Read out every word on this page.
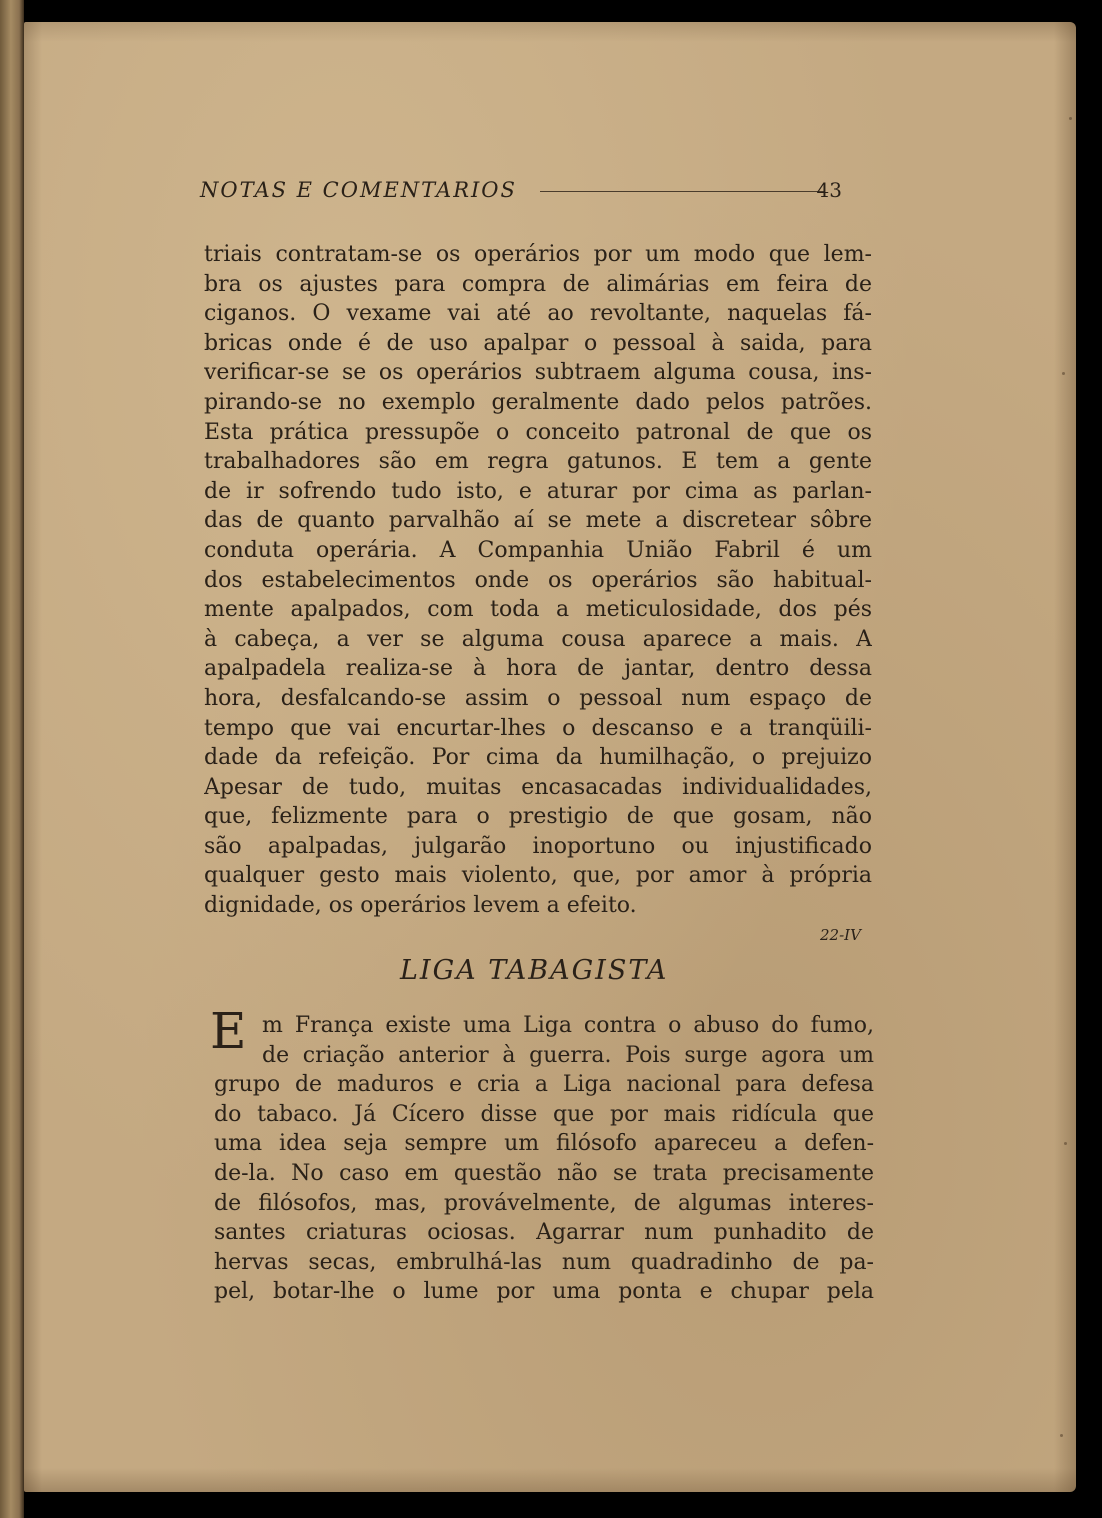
NOTAS E COMENTARIOS	43
triais contratam-se os operários por um modo que lem-
bra os ajustes para compra de alimárias em feira de
ciganos. O vexame vai até ao revoltante, naquelas fá-
bricas onde é de uso apalpar o pessoal à saida, para
verificar-se se os operários subtraem alguma cousa, ins-
pirando-se no exemplo geralmente dado pelos patrões.
Esta prática pressupõe o conceito patronal de que os
trabalhadores são em regra gatunos. E tem a gente
de ir sofrendo tudo isto, e aturar por cima as parlan-
das de quanto parvalhão aí se mete a discretear sôbre
conduta operária. A Companhia União Fabril é um
dos estabelecimentos onde os operários são habitual-
mente apalpados, com toda a meticulosidade, dos pés
à cabeça, a ver se alguma cousa aparece a mais. A
apalpadela realiza-se à hora de jantar, dentro dessa
hora, desfalcando-se assim o pessoal num espaço de
tempo que vai encurtar-lhes o descanso e a tranqüili-
dade da refeição. Por cima da humilhação, o prejuizo
Apesar de tudo, muitas encasacadas individualidades,
que, felizmente para o prestigio de que gosam, não
são apalpadas, julgarão inoportuno ou injustificado
qualquer gesto mais violento, que, por amor à própria
dignidade, os operários levem a efeito.
22-IV
LIGA TABAGISTA
E m França existe uma Liga contra o abuso do fumo,
de criação anterior à guerra. Pois surge agora um
grupo de maduros e cria a Liga nacional para defesa
do tabaco. Já Cícero disse que por mais ridícula que
uma idea seja sempre um filósofo apareceu a defen-
de-la. No caso em questão não se trata precisamente
de filósofos, mas, provávelmente, de algumas interes-
santes criaturas ociosas. Agarrar num punhadito de
hervas secas, embrulhá-las num quadradinho de pa-
pel, botar-lhe o lume por uma ponta e chupar pela
